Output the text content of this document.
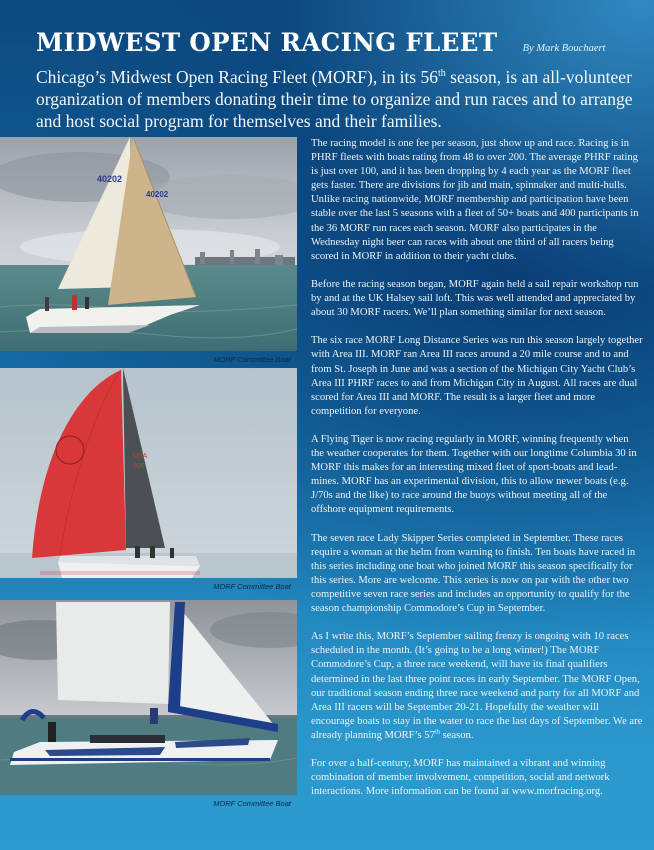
MIDWEST OPEN RACING FLEET By Mark Bouchaert

Chicago’s Midwest Open Racing Fleet (MORF), in its 56th season, is an all-volunteer organization of members donating their time to organize and run races and to arrange and host social program for themselves and their families.

40202
40202
MORF Committee Boat
USA
606
MORF Committee Boat
MORF Committee Boat

The racing model is one fee per season, just show up and race. Racing is in PHRF fleets with boats rating from 48 to over 200. The average PHRF rating is just over 100, and it has been dropping by 4 each year as the MORF fleet gets faster. There are divisions for jib and main, spinnaker and multi-hulls. Unlike racing nationwide, MORF membership and participation have been stable over the last 5 seasons with a fleet of 50+ boats and 400 participants in the 36 MORF run races each season. MORF also participates in the Wednesday night beer can races with about one third of all racers being scored in MORF in addition to their yacht clubs.

Before the racing season began, MORF again held a sail repair workshop run by and at the UK Halsey sail loft. This was well attended and appreciated by about 30 MORF racers. We’ll plan something similar for next season.

The six race MORF Long Distance Series was run this season largely together with Area III. MORF ran Area III races around a 20 mile course and to and from St. Joseph in June and was a section of the Michigan City Yacht Club’s Area III PHRF races to and from Michigan City in August. All races are dual scored for Area III and MORF. The result is a larger fleet and more competition for everyone.

A Flying Tiger is now racing regularly in MORF, winning frequently when the weather cooperates for them. Together with our longtime Columbia 30 in MORF this makes for an interesting mixed fleet of sport-boats and lead-mines. MORF has an experimental division, this to allow newer boats (e.g. J/70s and the like) to race around the buoys without meeting all of the offshore equipment requirements.

The seven race Lady Skipper Series completed in September. These races require a woman at the helm from warning to finish. Ten boats have raced in this series including one boat who joined MORF this season specifically for this series. More are welcome. This series is now on par with the other two competitive seven race series and includes an opportunity to qualify for the season championship Commodore’s Cup in September.

As I write this, MORF’s September sailing frenzy is ongoing with 10 races scheduled in the month. (It’s going to be a long winter!) The MORF Commodore’s Cup, a three race weekend, will have its final qualifiers determined in the last three point races in early September. The MORF Open, our traditional season ending three race weekend and party for all MORF and Area III racers will be September 20-21. Hopefully the weather will encourage boats to stay in the water to race the last days of September. We are already planning MORF’s 57th season.

For over a half-century, MORF has maintained a vibrant and winning combination of member involvement, competition, social and network interactions. More information can be found at www.morfracing.org.
